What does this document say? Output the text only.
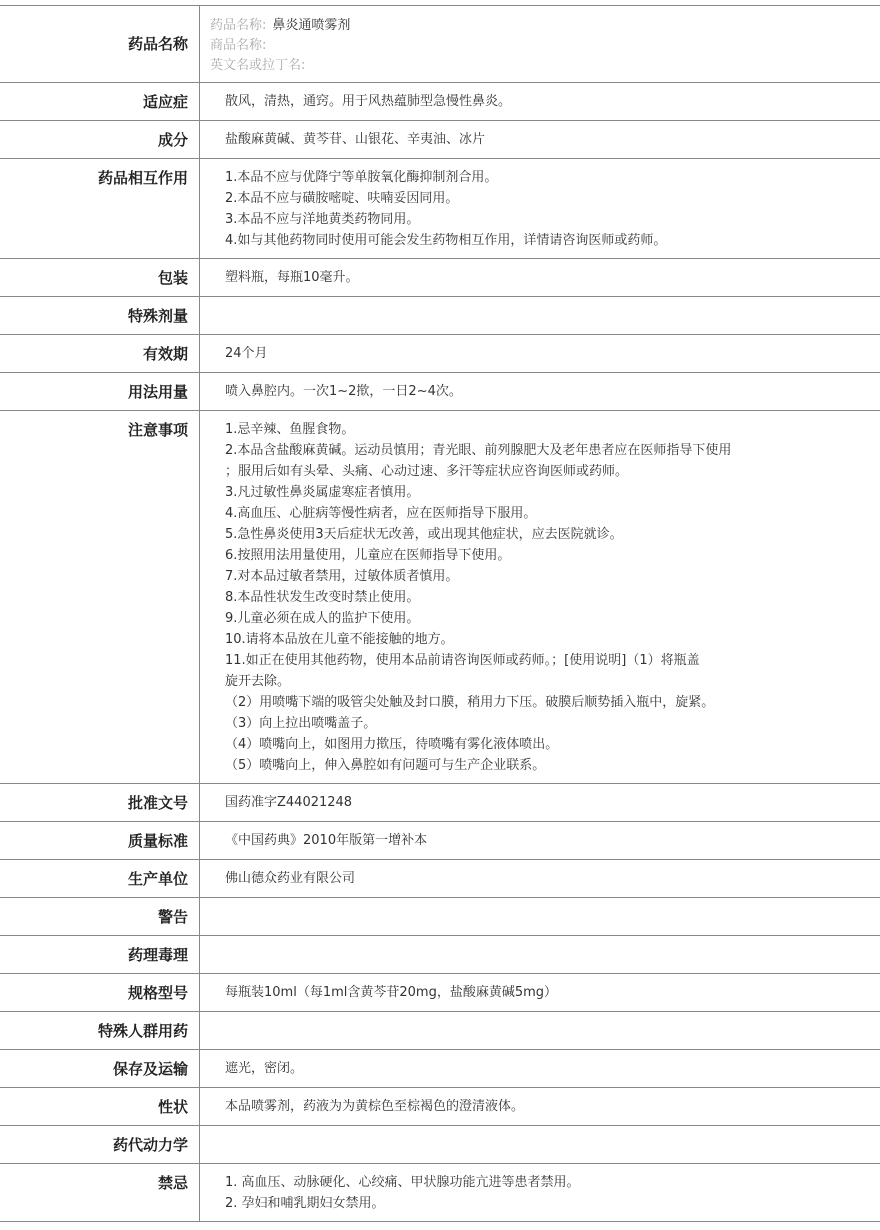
药品名称
药品名称: 鼻炎通喷雾剂
商品名称:
英文名或拉丁名:
适应症	散风，清热，通窍。用于风热蕴肺型急慢性鼻炎。
成分	盐酸麻黄碱、黄芩苷、山银花、辛夷油、冰片
药品相互作用	1.本品不应与优降宁等单胺氧化酶抑制剂合用。
2.本品不应与磺胺嘧啶、呋喃妥因同用。
3.本品不应与洋地黄类药物同用。
4.如与其他药物同时使用可能会发生药物相互作用，详情请咨询医师或药师。
包装	塑料瓶，每瓶10毫升。
特殊剂量
有效期	24个月
用法用量	喷入鼻腔内。一次1~2揿，一日2~4次。
注意事项	1.忌辛辣、鱼腥食物。
2.本品含盐酸麻黄碱。运动员慎用；青光眼、前列腺肥大及老年患者应在医师指导下使用
；服用后如有头晕、头痛、心动过速、多汗等症状应咨询医师或药师。
3.凡过敏性鼻炎属虚寒症者慎用。
4.高血压、心脏病等慢性病者，应在医师指导下服用。
5.急性鼻炎使用3天后症状无改善，或出现其他症状，应去医院就诊。
6.按照用法用量使用，儿童应在医师指导下使用。
7.对本品过敏者禁用，过敏体质者慎用。
8.本品性状发生改变时禁止使用。
9.儿童必须在成人的监护下使用。
10.请将本品放在儿童不能接触的地方。
11.如正在使用其他药物，使用本品前请咨询医师或药师。；[使用说明]（1）将瓶盖
旋开去除。
（2）用喷嘴下端的吸管尖处触及封口膜，稍用力下压。破膜后顺势插入瓶中，旋紧。
（3）向上拉出喷嘴盖子。
（4）喷嘴向上，如图用力揿压，待喷嘴有雾化液体喷出。
（5）喷嘴向上，伸入鼻腔如有问题可与生产企业联系。
批准文号	国药准字Z44021248
质量标准	《中国药典》2010年版第一增补本
生产单位	佛山德众药业有限公司
警告
药理毒理
规格型号	每瓶装10ml（每1ml含黄芩苷20mg，盐酸麻黄碱5mg）
特殊人群用药
保存及运输	遮光，密闭。
性状	本品喷雾剂，药液为为黄棕色至棕褐色的澄清液体。
药代动力学
禁忌	1. 高血压、动脉硬化、心绞痛、甲状腺功能亢进等患者禁用。
2. 孕妇和哺乳期妇女禁用。
